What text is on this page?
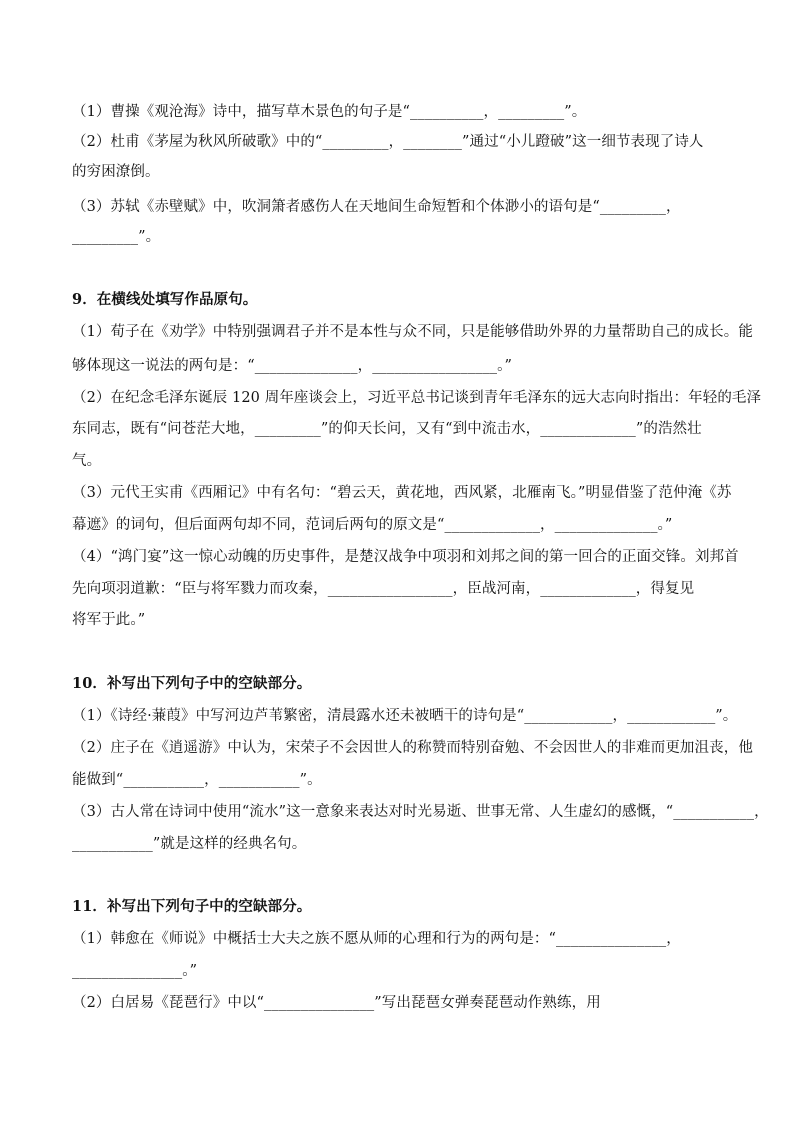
（1）曹操《观沧海》诗中，描写草木景色的句子是“__________，_________”。
（2）杜甫《茅屋为秋风所破歌》中的“_________，________”通过“小儿蹬破”这一细节表现了诗人
的穷困潦倒。
（3）苏轼《赤壁赋》中，吹洞箫者感伤人在天地间生命短暂和个体渺小的语句是“_________，
_________”。
9．在横线处填写作品原句。
（1）荀子在《劝学》中特别强调君子并不是本性与众不同，只是能够借助外界的力量帮助自己的成长。能
够体现这一说法的两句是：“______________，_________________。”
（2）在纪念毛泽东诞辰 120 周年座谈会上，习近平总书记谈到青年毛泽东的远大志向时指出：年轻的毛泽
东同志，既有“问苍茫大地，_________”的仰天长问，又有“到中流击水，_____________”的浩然壮
气。
（3）元代王实甫《西厢记》中有名句：“碧云天，黄花地，西风紧，北雁南飞。”明显借鉴了范仲淹《苏
幕遮》的词句，但后面两句却不同，范词后两句的原文是“_____________，______________。”
（4）“鸿门宴”这一惊心动魄的历史事件，是楚汉战争中项羽和刘邦之间的第一回合的正面交锋。刘邦首
先向项羽道歉：“臣与将军戮力而攻秦，_________________，臣战河南，_____________，得复见
将军于此。”
10．补写出下列句子中的空缺部分。
（1）《诗经·蒹葭》中写河边芦苇繁密，清晨露水还未被晒干的诗句是“____________，____________”。
（2）庄子在《逍遥游》中认为，宋荣子不会因世人的称赞而特别奋勉、不会因世人的非难而更加沮丧，他
能做到“___________，___________”。
（3）古人常在诗词中使用“流水”这一意象来表达对时光易逝、世事无常、人生虚幻的感慨，“___________，
___________”就是这样的经典名句。
11．补写出下列句子中的空缺部分。
（1）韩愈在《师说》中概括士大夫之族不愿从师的心理和行为的两句是：“_______________，
_______________。”
（2）白居易《琵琶行》中以“_______________”写出琵琶女弹奏琵琶动作熟练，用
